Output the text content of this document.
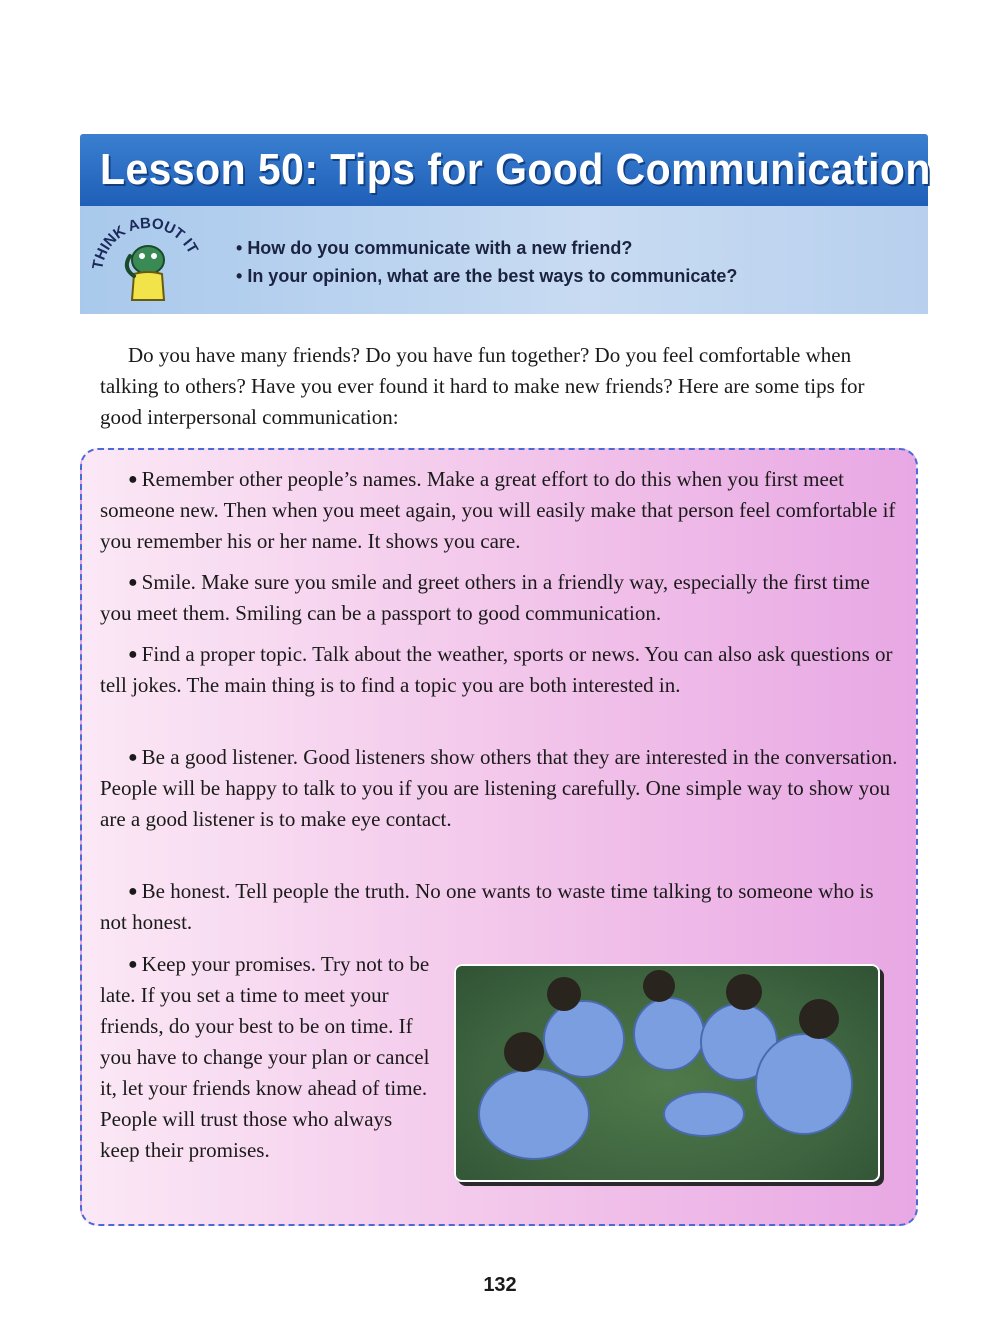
Lesson 50: Tips for Good Communication
THINK ABOUT IT
•	How do you communicate with a new friend?
• In your opinion, what are the best ways to communicate?

Do you have many friends? Do you have fun together? Do you feel comfortable when talking to others? Have you ever found it hard to make new friends? Here are some tips for good interpersonal communication:

● Remember other people’s names. Make a great effort to do this when you first meet someone new. Then when you meet again, you will easily make that person feel comfortable if you remember his or her name. It shows you care.

● Smile. Make sure you smile and greet others in a friendly way, especially the first time you meet them. Smiling can be a passport to good communication.

● Find a proper topic. Talk about the weather, sports or news. You can also ask questions or tell jokes. The main thing is to find a topic you are both interested in.

● Be a good listener. Good listeners show others that they are interested in the conversation. People will be happy to talk to you if you are listening carefully. One simple way to show you are a good listener is to make eye contact.

● Be honest. Tell people the truth. No one wants to waste time talking to someone who is not honest.

● Keep your promises. Try not to be late. If you set a time to meet your friends, do your best to be on time. If you have to change your plan or cancel it, let your friends know ahead of time. People will trust those who always keep their promises.

132
